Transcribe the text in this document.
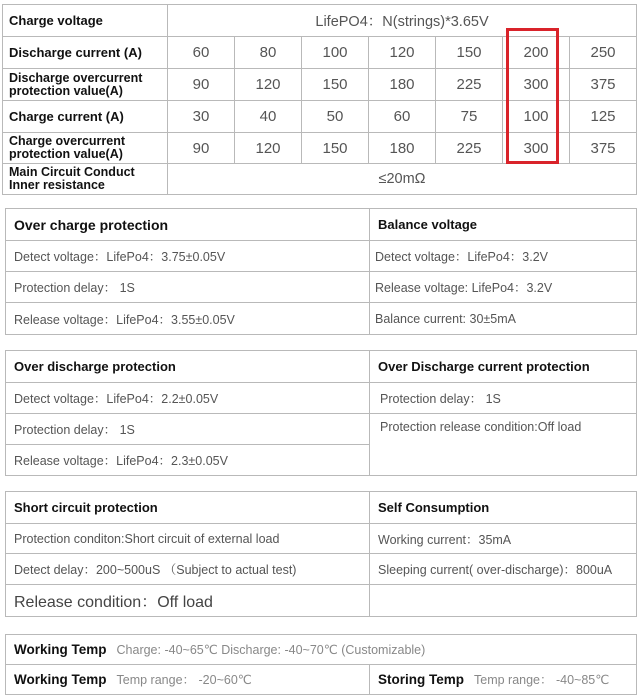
Charge voltage	LifePO4：N(strings)*3.65V						
Discharge current (A)	60	80	100	120	150	200	250
Discharge overcurrent protection value(A)	90	120	150	180	225	300	375
Charge current (A)	30	40	50	60	75	100	125
Charge overcurrent protection value(A)	90	120	150	180	225	300	375
Main Circuit Conduct Inner resistance	≤20mΩ						
Over charge protection	Balance voltage
Detect voltage：LifePo4：3.75±0.05V	Detect voltage：LifePo4：3.2V
Protection delay： 1S	Release voltage: LifePo4：3.2V
Release voltage：LifePo4：3.55±0.05V	Balance current: 30±5mA
Over discharge protection	Over Discharge current protection
Detect voltage：LifePo4：2.2±0.05V	Protection delay： 1S
Protection delay： 1S	Protection release condition:Off load
Release voltage：LifePo4：2.3±0.05V	
Short circuit protection	Self Consumption
Protection conditon:Short circuit of external load	Working current：35mA
Detect delay：200~500uS （Subject to actual test)	Sleeping current( over-discharge)：800uA
Release condition：Off load	
Working Temp Charge: -40~65℃ Discharge: -40~70℃ (Customizable)
Working Temp Temp range： -20~60℃	Storing Temp Temp range： -40~85℃
